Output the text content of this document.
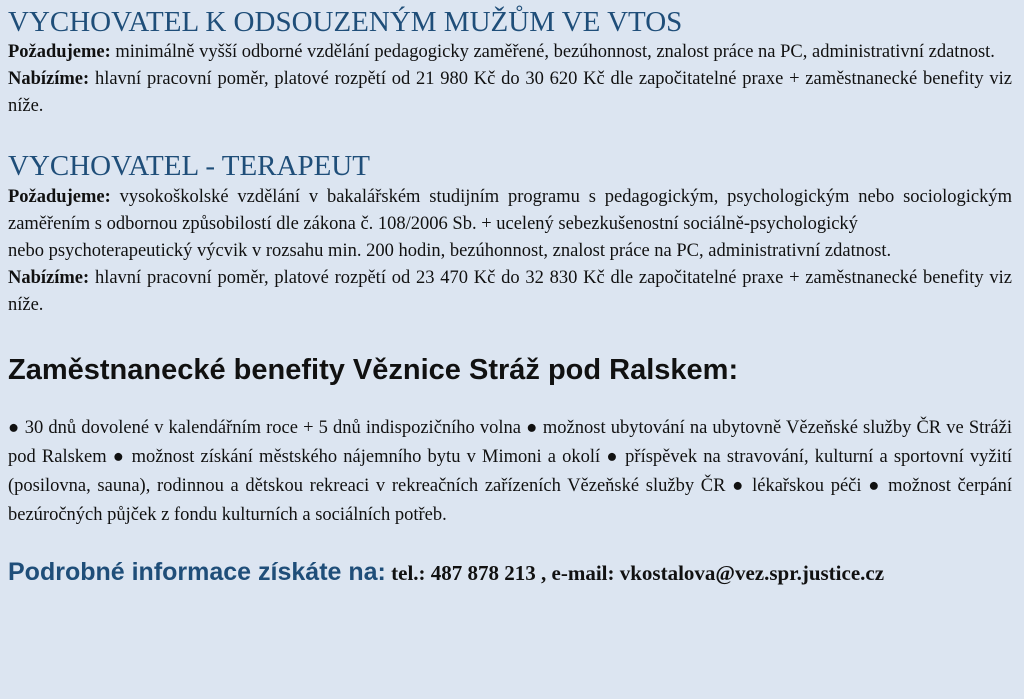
VYCHOVATEL K ODSOUZENÝM MUŽŮM VE VTOS

Požadujeme: minimálně vyšší odborné vzdělání pedagogicky zaměřené, bezúhonnost, znalost práce na PC, administrativní zdatnost.

Nabízíme: hlavní pracovní poměr, platové rozpětí od 21 980 Kč do 30 620 Kč dle započitatelné praxe + zaměstnanecké benefity viz níže.

VYCHOVATEL - TERAPEUT

Požadujeme: vysokoškolské vzdělání v bakalářském studijním programu s pedagogickým, psychologickým nebo sociologickým zaměřením s odbornou způsobilostí dle zákona č. 108/2006 Sb. + ucelený sebezkušenostní sociálně-psychologický

nebo psychoterapeutický výcvik v rozsahu min. 200 hodin, bezúhonnost, znalost práce na PC, administrativní zdatnost.

Nabízíme: hlavní pracovní poměr, platové rozpětí od 23 470 Kč do 32 830 Kč dle započitatelné praxe + zaměstnanecké benefity viz níže.

Zaměstnanecké benefity Věznice Stráž pod Ralskem:

● 30 dnů dovolené v kalendářním roce + 5 dnů indispozičního volna ● možnost ubytování na ubytovně Vězeňské služby ČR ve Stráži pod Ralskem ● možnost získání městského nájemního bytu v Mimoni a okolí ● příspěvek na stravování, kulturní a sportovní vyžití (posilovna, sauna), rodinnou a dětskou rekreaci v rekreačních zařízeních Vězeňské služby ČR ● lékařskou péči ● možnost čerpání bezúročných půjček z fondu kulturních a sociálních potřeb.

Podrobné informace získáte na: tel.: 487 878 213 , e-mail: vkostalova@vez.spr.justice.cz
